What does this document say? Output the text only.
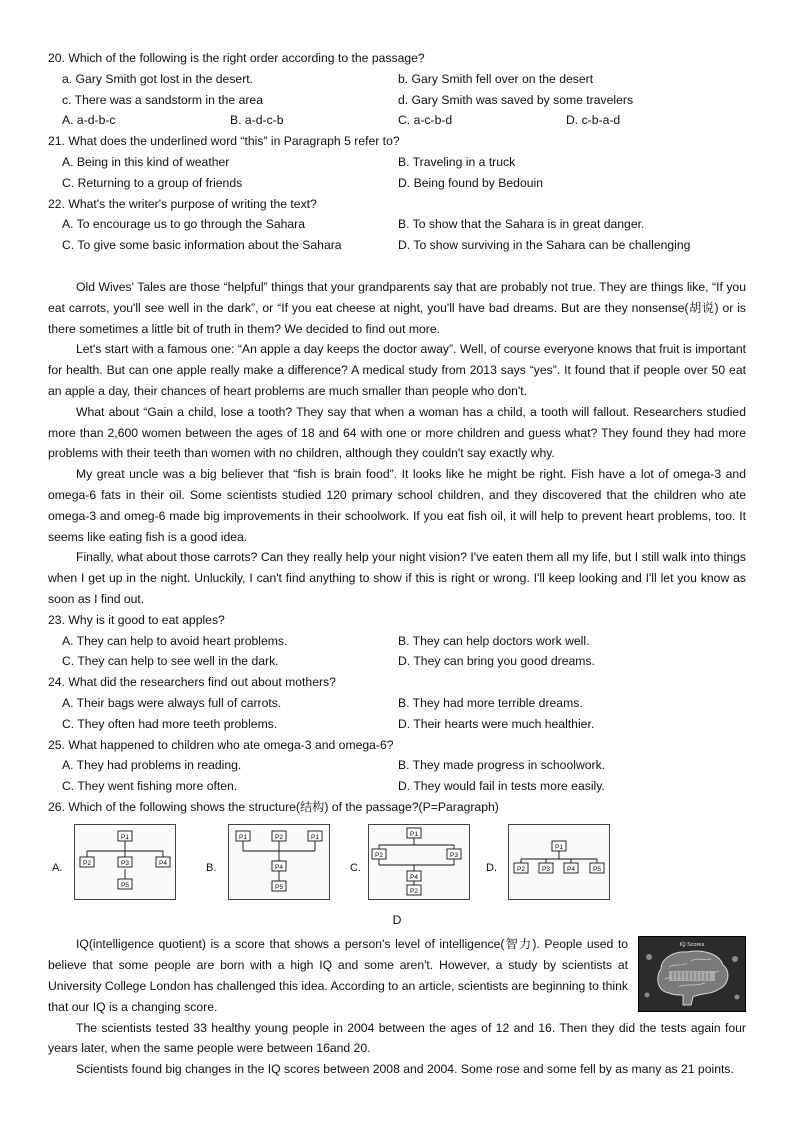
20. Which of the following is the right order according to the passage?
a. Gary Smith got lost in the desert.	b. Gary Smith fell over on the desert
c. There was a sandstorm in the area	d. Gary Smith was saved by some travelers
A. a-d-b-c	B. a-d-c-b	C. a-c-b-d	D. c-b-a-d
21. What does the underlined word “this” in Paragraph 5 refer to?
A. Being in this kind of weather	B. Traveling in a truck
C. Returning to a group of friends	D. Being found by Bedouin
22. What's the writer's purpose of writing the text?
A. To encourage us to go through the Sahara	B. To show that the Sahara is in great danger.
C. To give some basic information about the Sahara	D. To show surviving in the Sahara can be challenging

Old Wives' Tales are those “helpful” things that your grandparents say that are probably not true. They are things like, “If you eat carrots, you'll see well in the dark”, or “If you eat cheese at night, you'll have bad dreams. But are they nonsense(胡说) or is there sometimes a little bit of truth in them? We decided to find out more.

Let's start with a famous one: “An apple a day keeps the doctor away”. Well, of course everyone knows that fruit is important for health. But can one apple really make a difference? A medical study from 2013 says “yes”. It found that if people over 50 eat an apple a day, their chances of heart problems are much smaller than people who don't.

What about “Gain a child, lose a tooth? They say that when a woman has a child, a tooth will fallout. Researchers studied more than 2,600 women between the ages of 18 and 64 with one or more children and guess what? They found they had more problems with their teeth than women with no children, although they couldn't say exactly why.

My great uncle was a big believer that “fish is brain food”. It looks like he might be right. Fish have a lot of omega-3 and omega-6 fats in their oil. Some scientists studied 120 primary school children, and they discovered that the children who ate omega-3 and omeg-6 made big improvements in their schoolwork. If you eat fish oil, it will help to prevent heart problems, too. It seems like eating fish is a good idea.

Finally, what about those carrots? Can they really help your night vision? I've eaten them all my life, but I still walk into things when I get up in the night. Unluckily, I can't find anything to show if this is right or wrong. I'll keep looking and I'll let you know as soon as I find out.

23. Why is it good to eat apples?
A. They can help to avoid heart problems.	B. They can help doctors work well.
C. They can help to see well in the dark.	D. They can bring you good dreams.
24. What did the researchers find out about mothers?
A. Their bags were always full of carrots.	B. They had more terrible dreams.
C. They often had more teeth problems.	D. Their hearts were much healthier.
25. What happened to children who ate omega-3 and omega-6?
A. They had problems in reading.	B. They made progress in schoolwork.
C. They went fishing more often.	D. They would fail in tests more easily.
26. Which of the following shows the structure(结构) of the passage?(P=Paragraph)
A.
P1
P2	P3	P4
P5
B.
P1	P2	P1
P4
P5
C.
P1
P2	P3
P4
P2
D.
P1
P2	P3	P4	P5
D
IQ Scores

IQ(intelligence quotient) is a score that shows a person's level of intelligence(智力). People used to believe that some people are born with a high IQ and some aren't. However, a study by scientists at University College London has challenged this idea. According to an article, scientists are beginning to think that our IQ is a changing score.

The scientists tested 33 healthy young people in 2004 between the ages of 12 and 16. Then they did the tests again four years later, when the same people were between 16and 20.

Scientists found big changes in the IQ scores between 2008 and 2004. Some rose and some fell by as many as 21 points.
